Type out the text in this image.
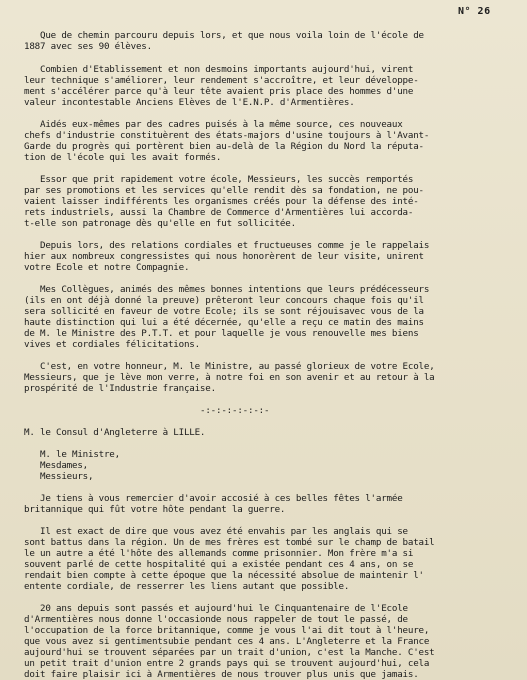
N° 26
Que de chemin parcouru depuis lors, et que nous voila loin de l'école de
1887 avec ses 90 élèves.
Combien d'Etablissement et non desmoins importants aujourd'hui, virent
leur technique s'améliorer, leur rendement s'accroître, et leur développe-
ment s'accélérer parce qu'à leur tête avaient pris place des hommes d'une
valeur incontestable Anciens Elèves de l'E.N.P. d'Armentières.
Aidés eux-mêmes par des cadres puisés à la même source, ces nouveaux
chefs d'industrie constituèrent des états-majors d'usine toujours à l'Avant-
Garde du progrès qui portèrent bien au-delà de la Région du Nord la réputa-
tion de l'école qui les avait formés.
Essor que prit rapidement votre école, Messieurs, les succès remportés
par ses promotions et les services qu'elle rendit dès sa fondation, ne pou-
vaient laisser indifférents les organismes créés pour la défense des inté-
rets industriels, aussi la Chambre de Commerce d'Armentières lui accorda-
t-elle son patronage dès qu'elle en fut sollicitée.
Depuis lors, des relations cordiales et fructueuses comme je le rappelais
hier aux nombreux congressistes qui nous honorèrent de leur visite, unirent
votre Ecole et notre Compagnie.
Mes Collègues, animés des mêmes bonnes intentions que leurs prédécesseurs
(ils en ont déjà donné la preuve) prêteront leur concours chaque fois qu'il
sera sollicité en faveur de votre Ecole; ils se sont réjouisavec vous de la
haute distinction qui lui a été décernée, qu'elle a reçu ce matin des mains
de M. le Ministre des P.T.T. et pour laquelle je vous renouvelle mes biens
vives et cordiales félicitations.
C'est, en votre honneur, M. le Ministre, au passé glorieux de votre Ecole,
Messieurs, que je lève mon verre, à notre foi en son avenir et au retour à la
prospérité de l'Industrie française.
-:-:-:-:-:-:-
M. le Consul d'Angleterre à LILLE.
M. le Ministre,
Mesdames,
Messieurs,
Je tiens à vous remercier d'avoir accosié à ces belles fêtes l'armée
britannique qui fût votre hôte pendant la guerre.
Il est exact de dire que vous avez été envahis par les anglais qui se
sont battus dans la région. Un de mes frères est tombé sur le champ de batail
le un autre a été l'hôte des allemands comme prisonnier. Mon frère m'a si
souvent parlé de cette hospitalité qui a existée pendant ces 4 ans, on se
rendait bien compte à cette époque que la nécessité absolue de maintenir l'
entente cordiale, de resserrer les liens autant que possible.
20 ans depuis sont passés et aujourd'hui le Cinquantenaire de l'Ecole
d'Armentières nous donne l'occasionde nous rappeler de tout le passé, de
l'occupation de la force britannique, comme je vous l'ai dit tout à l'heure,
que vous avez si gentimentsubie pendant ces 4 ans. L'Angleterre et la France
aujourd'hui se trouvent séparées par un trait d'union, c'est la Manche. C'est
un petit trait d'union entre 2 grands pays qui se trouvent aujourd'hui, cela
doit faire plaisir ici à Armentières de nous trouver plus unis que jamais.
